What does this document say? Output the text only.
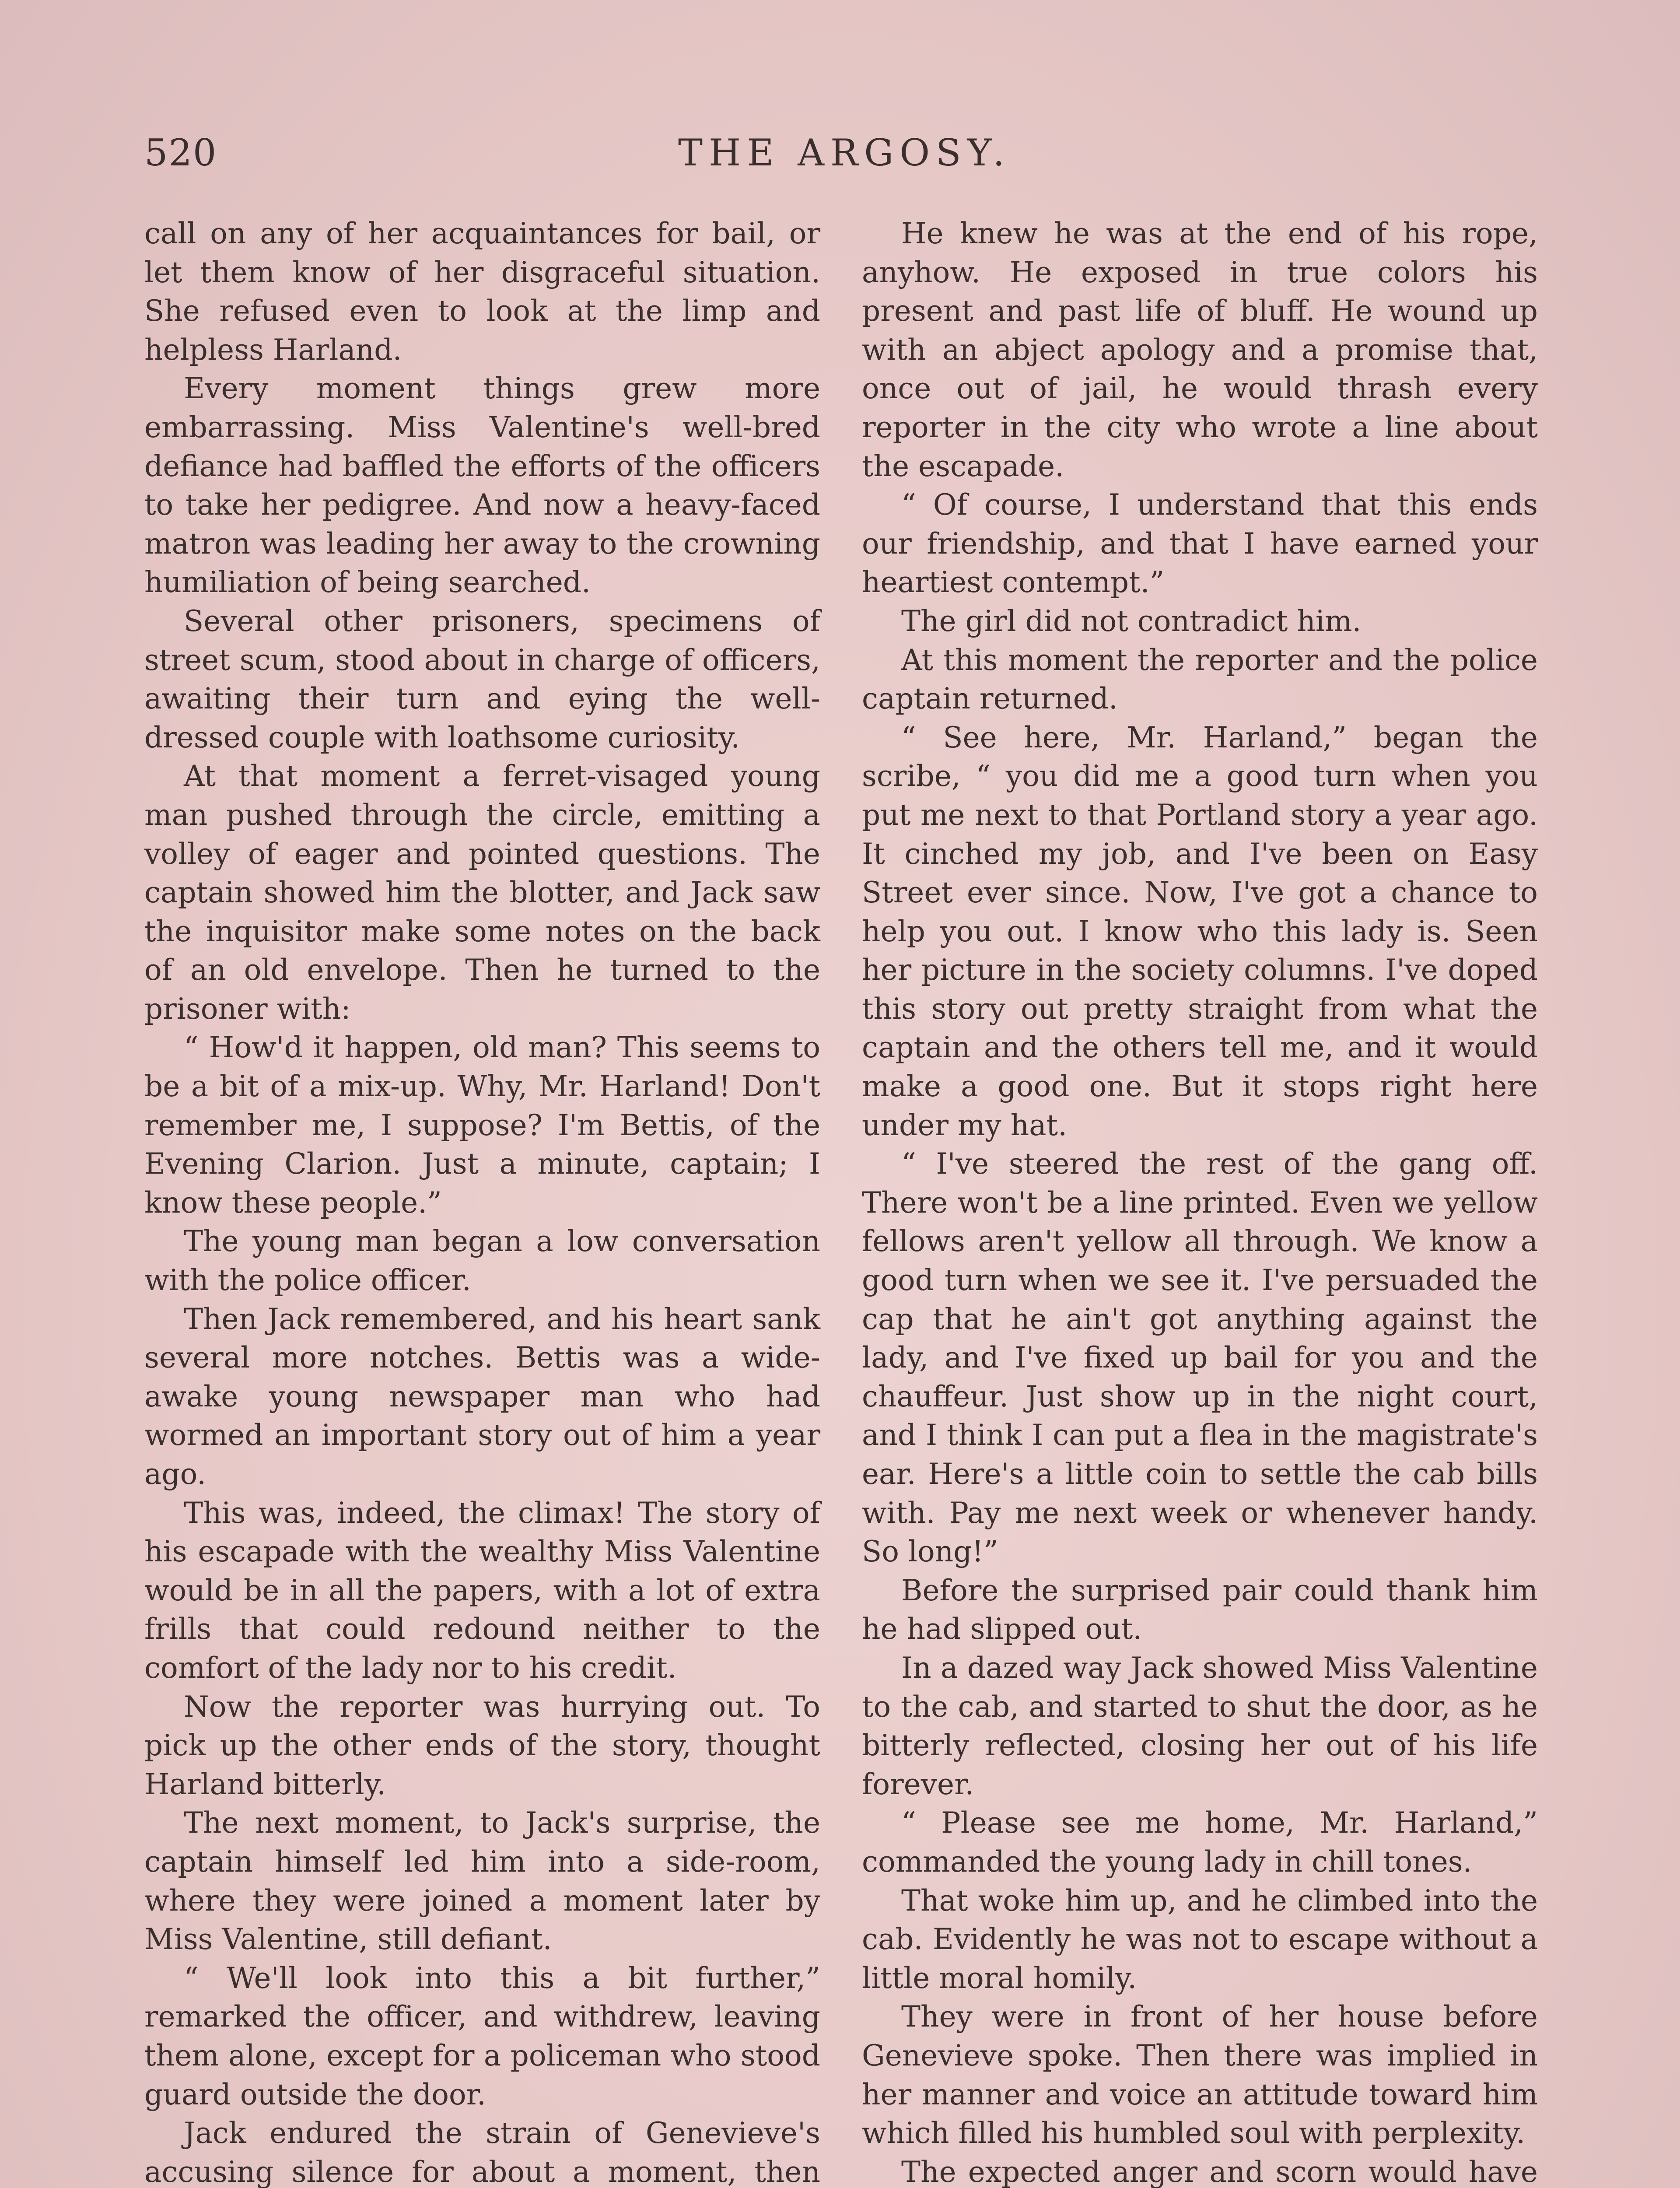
520	THE ARGOSY.

call on any of her acquaintances for bail, or let them know of her disgraceful situation. She refused even to look at the limp and helpless Harland.

Every moment things grew more embarrassing. Miss Valentine's well-bred defiance had baffled the efforts of the officers to take her pedigree. And now a heavy-faced matron was leading her away to the crowning humiliation of being searched.

Several other prisoners, specimens of street scum, stood about in charge of officers, awaiting their turn and eying the well-dressed couple with loathsome curiosity.

At that moment a ferret-visaged young man pushed through the circle, emitting a volley of eager and pointed questions. The captain showed him the blotter, and Jack saw the inquisitor make some notes on the back of an old envelope. Then he turned to the prisoner with:

“ How'd it happen, old man? This seems to be a bit of a mix-up. Why, Mr. Harland! Don't remember me, I suppose? I'm Bettis, of the Evening Clarion. Just a minute, captain; I know these people.”

The young man began a low conversation with the police officer.

Then Jack remembered, and his heart sank several more notches. Bettis was a wide-awake young newspaper man who had wormed an important story out of him a year ago.

This was, indeed, the climax! The story of his escapade with the wealthy Miss Valentine would be in all the papers, with a lot of extra frills that could redound neither to the comfort of the lady nor to his credit.

Now the reporter was hurrying out. To pick up the other ends of the story, thought Harland bitterly.

The next moment, to Jack's surprise, the captain himself led him into a side-room, where they were joined a moment later by Miss Valentine, still defiant.

“ We'll look into this a bit further,” remarked the officer, and withdrew, leaving them alone, except for a policeman who stood guard outside the door.

Jack endured the strain of Genevieve's accusing silence for about a moment, then

He knew he was at the end of his rope, anyhow. He exposed in true colors his present and past life of bluff. He wound up with an abject apology and a promise that, once out of jail, he would thrash every reporter in the city who wrote a line about the escapade.

“ Of course, I understand that this ends our friendship, and that I have earned your heartiest contempt.”

The girl did not contradict him.

At this moment the reporter and the police captain returned.

“ See here, Mr. Harland,” began the scribe, “ you did me a good turn when you put me next to that Portland story a year ago. It cinched my job, and I've been on Easy Street ever since. Now, I've got a chance to help you out. I know who this lady is. Seen her picture in the society columns. I've doped this story out pretty straight from what the captain and the others tell me, and it would make a good one. But it stops right here under my hat.

“ I've steered the rest of the gang off. There won't be a line printed. Even we yellow fellows aren't yellow all through. We know a good turn when we see it. I've persuaded the cap that he ain't got anything against the lady, and I've fixed up bail for you and the chauffeur. Just show up in the night court, and I think I can put a flea in the magistrate's ear. Here's a little coin to settle the cab bills with. Pay me next week or whenever handy. So long!”

Before the surprised pair could thank him he had slipped out.

In a dazed way Jack showed Miss Valentine to the cab, and started to shut the door, as he bitterly reflected, closing her out of his life forever.

“ Please see me home, Mr. Harland,” commanded the young lady in chill tones.

That woke him up, and he climbed into the cab. Evidently he was not to escape without a little moral homily.

They were in front of her house before Genevieve spoke. Then there was implied in her manner and voice an attitude toward him which filled his humbled soul with perplexity.

The expected anger and scorn would have
